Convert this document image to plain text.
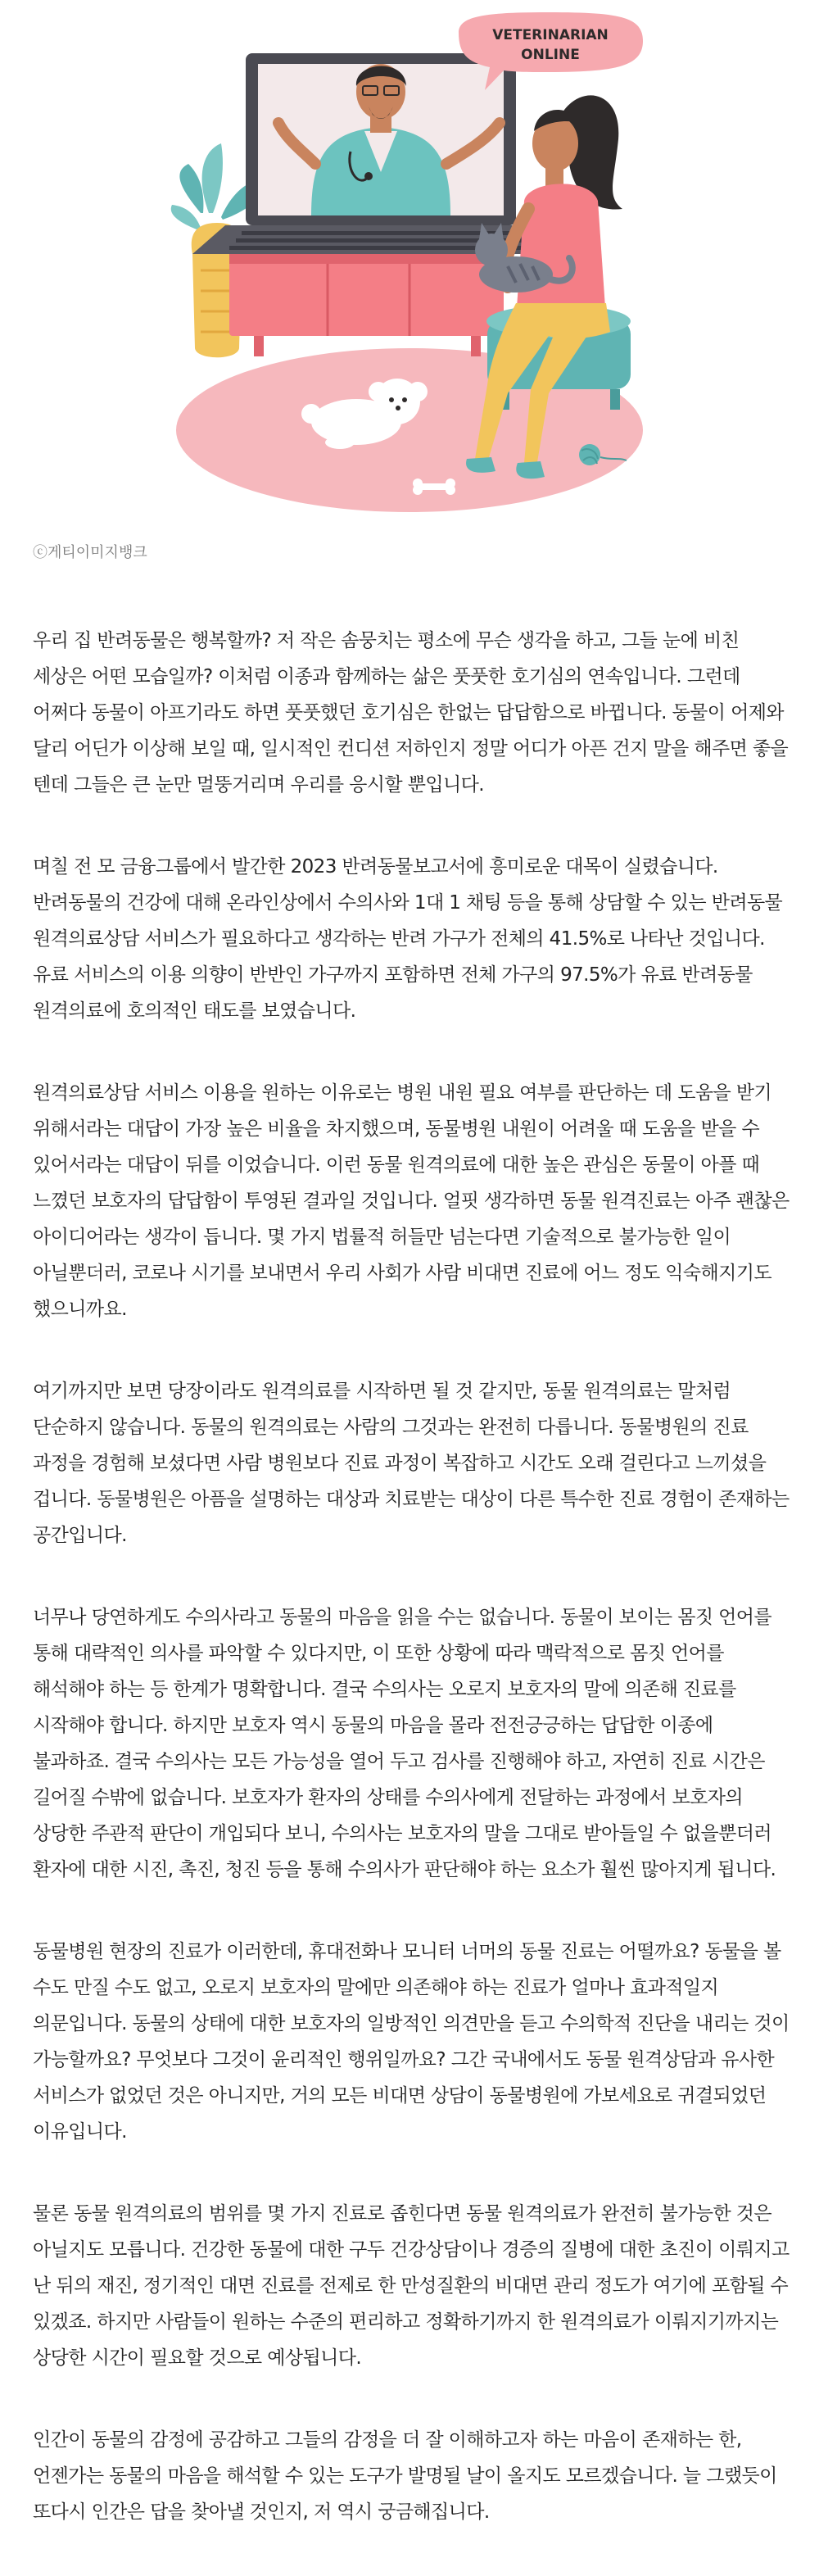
VETERINARIAN
ONLINE
ⓒ게티이미지뱅크

우리 집 반려동물은 행복할까? 저 작은 솜뭉치는 평소에 무슨 생각을 하고, 그들 눈에 비친 세상은 어떤 모습일까? 이처럼 이종과 함께하는 삶은 풋풋한 호기심의 연속입니다. 그런데 어쩌다 동물이 아프기라도 하면 풋풋했던 호기심은 한없는 답답함으로 바뀝니다. 동물이 어제와 달리 어딘가 이상해 보일 때, 일시적인 컨디션 저하인지 정말 어디가 아픈 건지 말을 해주면 좋을 텐데 그들은 큰 눈만 멀뚱거리며 우리를 응시할 뿐입니다.

며칠 전 모 금융그룹에서 발간한 2023 반려동물보고서에 흥미로운 대목이 실렸습니다. 반려동물의 건강에 대해 온라인상에서 수의사와 1대 1 채팅 등을 통해 상담할 수 있는 반려동물 원격의료상담 서비스가 필요하다고 생각하는 반려 가구가 전체의 41.5%로 나타난 것입니다. 유료 서비스의 이용 의향이 반반인 가구까지 포함하면 전체 가구의 97.5%가 유료 반려동물 원격의료에 호의적인 태도를 보였습니다.

원격의료상담 서비스 이용을 원하는 이유로는 병원 내원 필요 여부를 판단하는 데 도움을 받기 위해서라는 대답이 가장 높은 비율을 차지했으며, 동물병원 내원이 어려울 때 도움을 받을 수 있어서라는 대답이 뒤를 이었습니다. 이런 동물 원격의료에 대한 높은 관심은 동물이 아플 때 느꼈던 보호자의 답답함이 투영된 결과일 것입니다. 얼핏 생각하면 동물 원격진료는 아주 괜찮은 아이디어라는 생각이 듭니다. 몇 가지 법률적 허들만 넘는다면 기술적으로 불가능한 일이 아닐뿐더러, 코로나 시기를 보내면서 우리 사회가 사람 비대면 진료에 어느 정도 익숙해지기도 했으니까요.

여기까지만 보면 당장이라도 원격의료를 시작하면 될 것 같지만, 동물 원격의료는 말처럼 단순하지 않습니다. 동물의 원격의료는 사람의 그것과는 완전히 다릅니다. 동물병원의 진료 과정을 경험해 보셨다면 사람 병원보다 진료 과정이 복잡하고 시간도 오래 걸린다고 느끼셨을 겁니다. 동물병원은 아픔을 설명하는 대상과 치료받는 대상이 다른 특수한 진료 경험이 존재하는 공간입니다.

너무나 당연하게도 수의사라고 동물의 마음을 읽을 수는 없습니다. 동물이 보이는 몸짓 언어를 통해 대략적인 의사를 파악할 수 있다지만, 이 또한 상황에 따라 맥락적으로 몸짓 언어를 해석해야 하는 등 한계가 명확합니다. 결국 수의사는 오로지 보호자의 말에 의존해 진료를 시작해야 합니다. 하지만 보호자 역시 동물의 마음을 몰라 전전긍긍하는 답답한 이종에 불과하죠. 결국 수의사는 모든 가능성을 열어 두고 검사를 진행해야 하고, 자연히 진료 시간은 길어질 수밖에 없습니다. 보호자가 환자의 상태를 수의사에게 전달하는 과정에서 보호자의 상당한 주관적 판단이 개입되다 보니, 수의사는 보호자의 말을 그대로 받아들일 수 없을뿐더러 환자에 대한 시진, 촉진, 청진 등을 통해 수의사가 판단해야 하는 요소가 훨씬 많아지게 됩니다.

동물병원 현장의 진료가 이러한데, 휴대전화나 모니터 너머의 동물 진료는 어떨까요? 동물을 볼 수도 만질 수도 없고, 오로지 보호자의 말에만 의존해야 하는 진료가 얼마나 효과적일지 의문입니다. 동물의 상태에 대한 보호자의 일방적인 의견만을 듣고 수의학적 진단을 내리는 것이 가능할까요? 무엇보다 그것이 윤리적인 행위일까요? 그간 국내에서도 동물 원격상담과 유사한 서비스가 없었던 것은 아니지만, 거의 모든 비대면 상담이 동물병원에 가보세요로 귀결되었던 이유입니다.

물론 동물 원격의료의 범위를 몇 가지 진료로 좁힌다면 동물 원격의료가 완전히 불가능한 것은 아닐지도 모릅니다. 건강한 동물에 대한 구두 건강상담이나 경증의 질병에 대한 초진이 이뤄지고 난 뒤의 재진, 정기적인 대면 진료를 전제로 한 만성질환의 비대면 관리 정도가 여기에 포함될 수 있겠죠. 하지만 사람들이 원하는 수준의 편리하고 정확하기까지 한 원격의료가 이뤄지기까지는 상당한 시간이 필요할 것으로 예상됩니다.

인간이 동물의 감정에 공감하고 그들의 감정을 더 잘 이해하고자 하는 마음이 존재하는 한, 언젠가는 동물의 마음을 해석할 수 있는 도구가 발명될 날이 올지도 모르겠습니다. 늘 그랬듯이 또다시 인간은 답을 찾아낼 것인지, 저 역시 궁금해집니다.
